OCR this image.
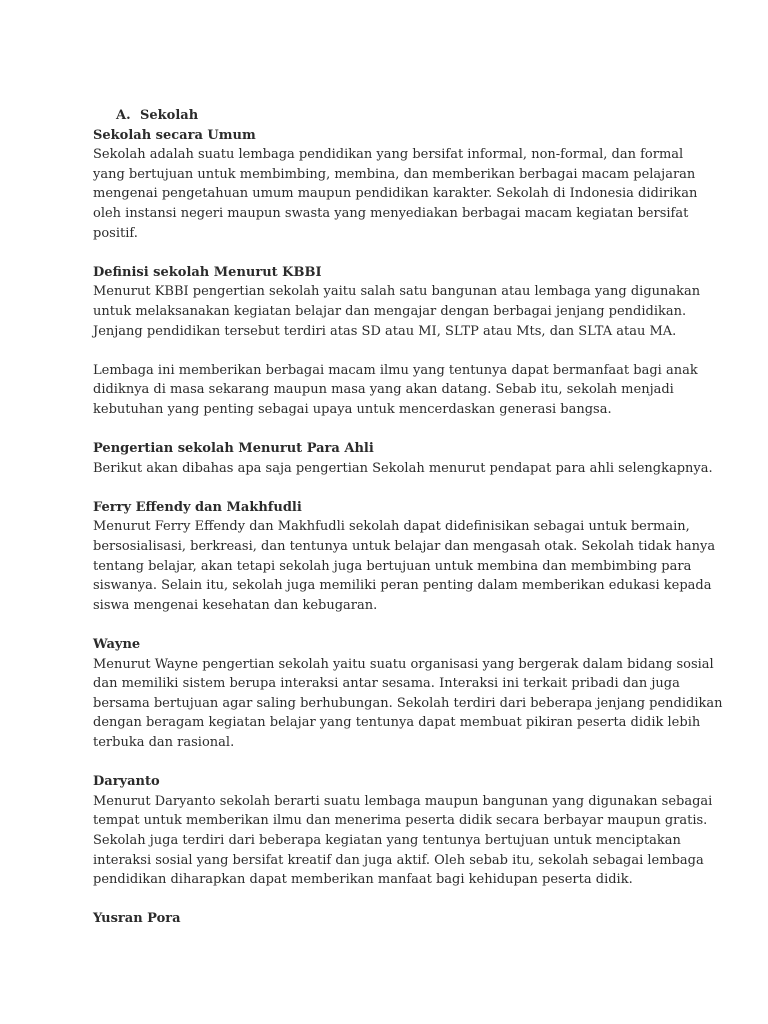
A. Sekolah

Sekolah secara Umum

Sekolah adalah suatu lembaga pendidikan yang bersifat informal, non-formal, dan formal
yang bertujuan untuk membimbing, membina, dan memberikan berbagai macam pelajaran
mengenai pengetahuan umum maupun pendidikan karakter. Sekolah di Indonesia didirikan
oleh instansi negeri maupun swasta yang menyediakan berbagai macam kegiatan bersifat
positif.

Definisi sekolah Menurut KBBI

Menurut KBBI pengertian sekolah yaitu salah satu bangunan atau lembaga yang digunakan
untuk melaksanakan kegiatan belajar dan mengajar dengan berbagai jenjang pendidikan.
Jenjang pendidikan tersebut terdiri atas SD atau MI, SLTP atau Mts, dan SLTA atau MA.

Lembaga ini memberikan berbagai macam ilmu yang tentunya dapat bermanfaat bagi anak
didiknya di masa sekarang maupun masa yang akan datang. Sebab itu, sekolah menjadi
kebutuhan yang penting sebagai upaya untuk mencerdaskan generasi bangsa.

Pengertian sekolah Menurut Para Ahli

Berikut akan dibahas apa saja pengertian Sekolah menurut pendapat para ahli selengkapnya.

Ferry Effendy dan Makhfudli

Menurut Ferry Effendy dan Makhfudli sekolah dapat didefinisikan sebagai untuk bermain,
bersosialisasi, berkreasi, dan tentunya untuk belajar dan mengasah otak. Sekolah tidak hanya
tentang belajar, akan tetapi sekolah juga bertujuan untuk membina dan membimbing para
siswanya. Selain itu, sekolah juga memiliki peran penting dalam memberikan edukasi kepada
siswa mengenai kesehatan dan kebugaran.

Wayne

Menurut Wayne pengertian sekolah yaitu suatu organisasi yang bergerak dalam bidang sosial
dan memiliki sistem berupa interaksi antar sesama. Interaksi ini terkait pribadi dan juga
bersama bertujuan agar saling berhubungan. Sekolah terdiri dari beberapa jenjang pendidikan
dengan beragam kegiatan belajar yang tentunya dapat membuat pikiran peserta didik lebih
terbuka dan rasional.

Daryanto

Menurut Daryanto sekolah berarti suatu lembaga maupun bangunan yang digunakan sebagai
tempat untuk memberikan ilmu dan menerima peserta didik secara berbayar maupun gratis.
Sekolah juga terdiri dari beberapa kegiatan yang tentunya bertujuan untuk menciptakan
interaksi sosial yang bersifat kreatif dan juga aktif. Oleh sebab itu, sekolah sebagai lembaga
pendidikan diharapkan dapat memberikan manfaat bagi kehidupan peserta didik.

Yusran Pora
